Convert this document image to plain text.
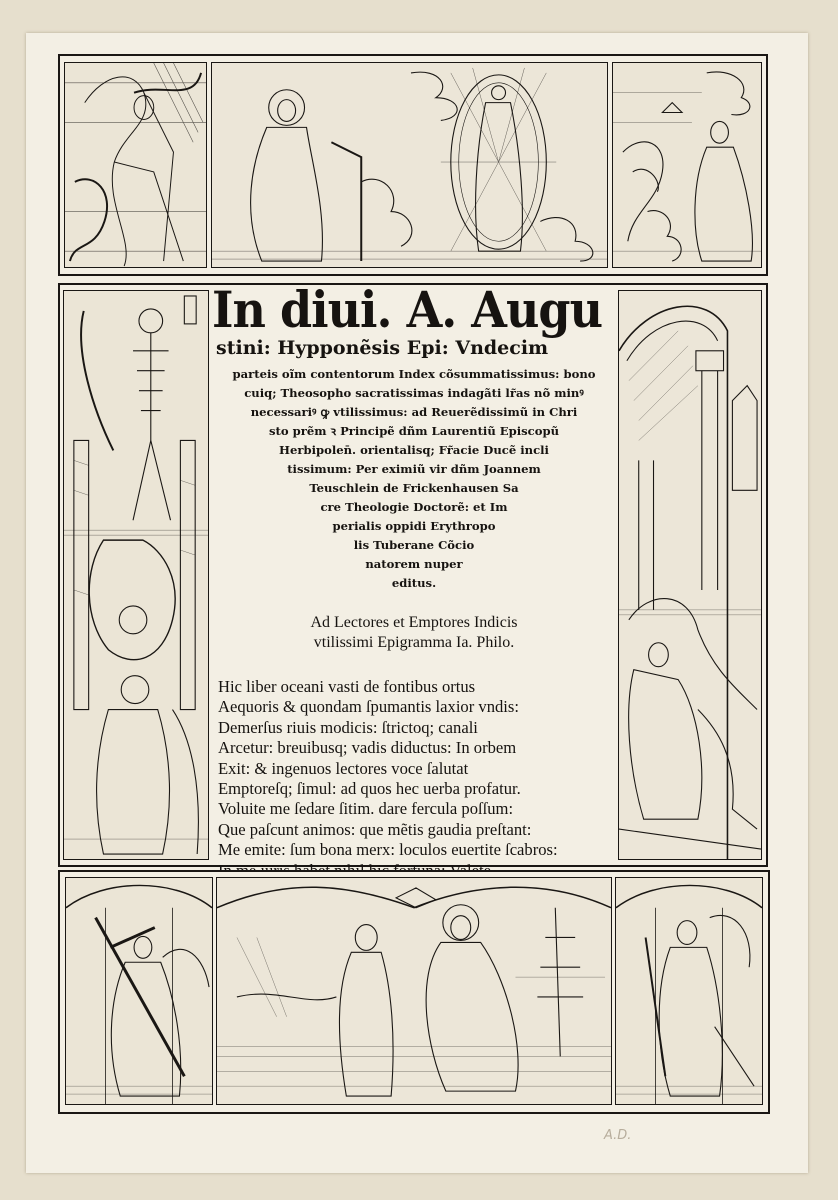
In diui. A. Augu
stini: Hypponẽsis Epi: Vndecim
parteis oĩm contentorum Index cõsummatissimus: bono
cuiq; Theosopho sacratissimas indagãti lr̃as nõ minꝰ
necessariꝰ ꝙ vtilissimus: ad Reuerẽdissimũ in Chri
sto prẽm ꝛ Principẽ dñm Laurentiũ Episcopũ
Herbipolen̄. orientalisq; Fr̃acie Ducẽ incli
tissimum: Per eximiũ vir dñm Joannem
Teuschlein de Frickenhausen Sa
cre Theologie Doctorẽ: et Im
perialis oppidi Erythropo
lis Tuberane Cõcio
natorem nuper
editus.
Ad Lectores et Emptores Indicis
vtilissimi Epigramma Ia. Philo.
Hic liber oceani vasti de fontibus ortus
Aequoris & quondam ſpumantis laxior vndis:
Demerſus riuis modicis: ſtrictoq; canali
Arcetur: breuibusq; vadis diductus: In orbem
Exit: & ingenuos lectores voce ſalutat
Emptoreſq; ſimul: ad quos hec uerba profatur.
Voluite me ſedare ſitim. dare fercula poſſum:
Que paſcunt animos: que mẽtis gaudia preſtant:
Me emite: ſum bona merx: loculos euertite ſcabros:
A.D.
